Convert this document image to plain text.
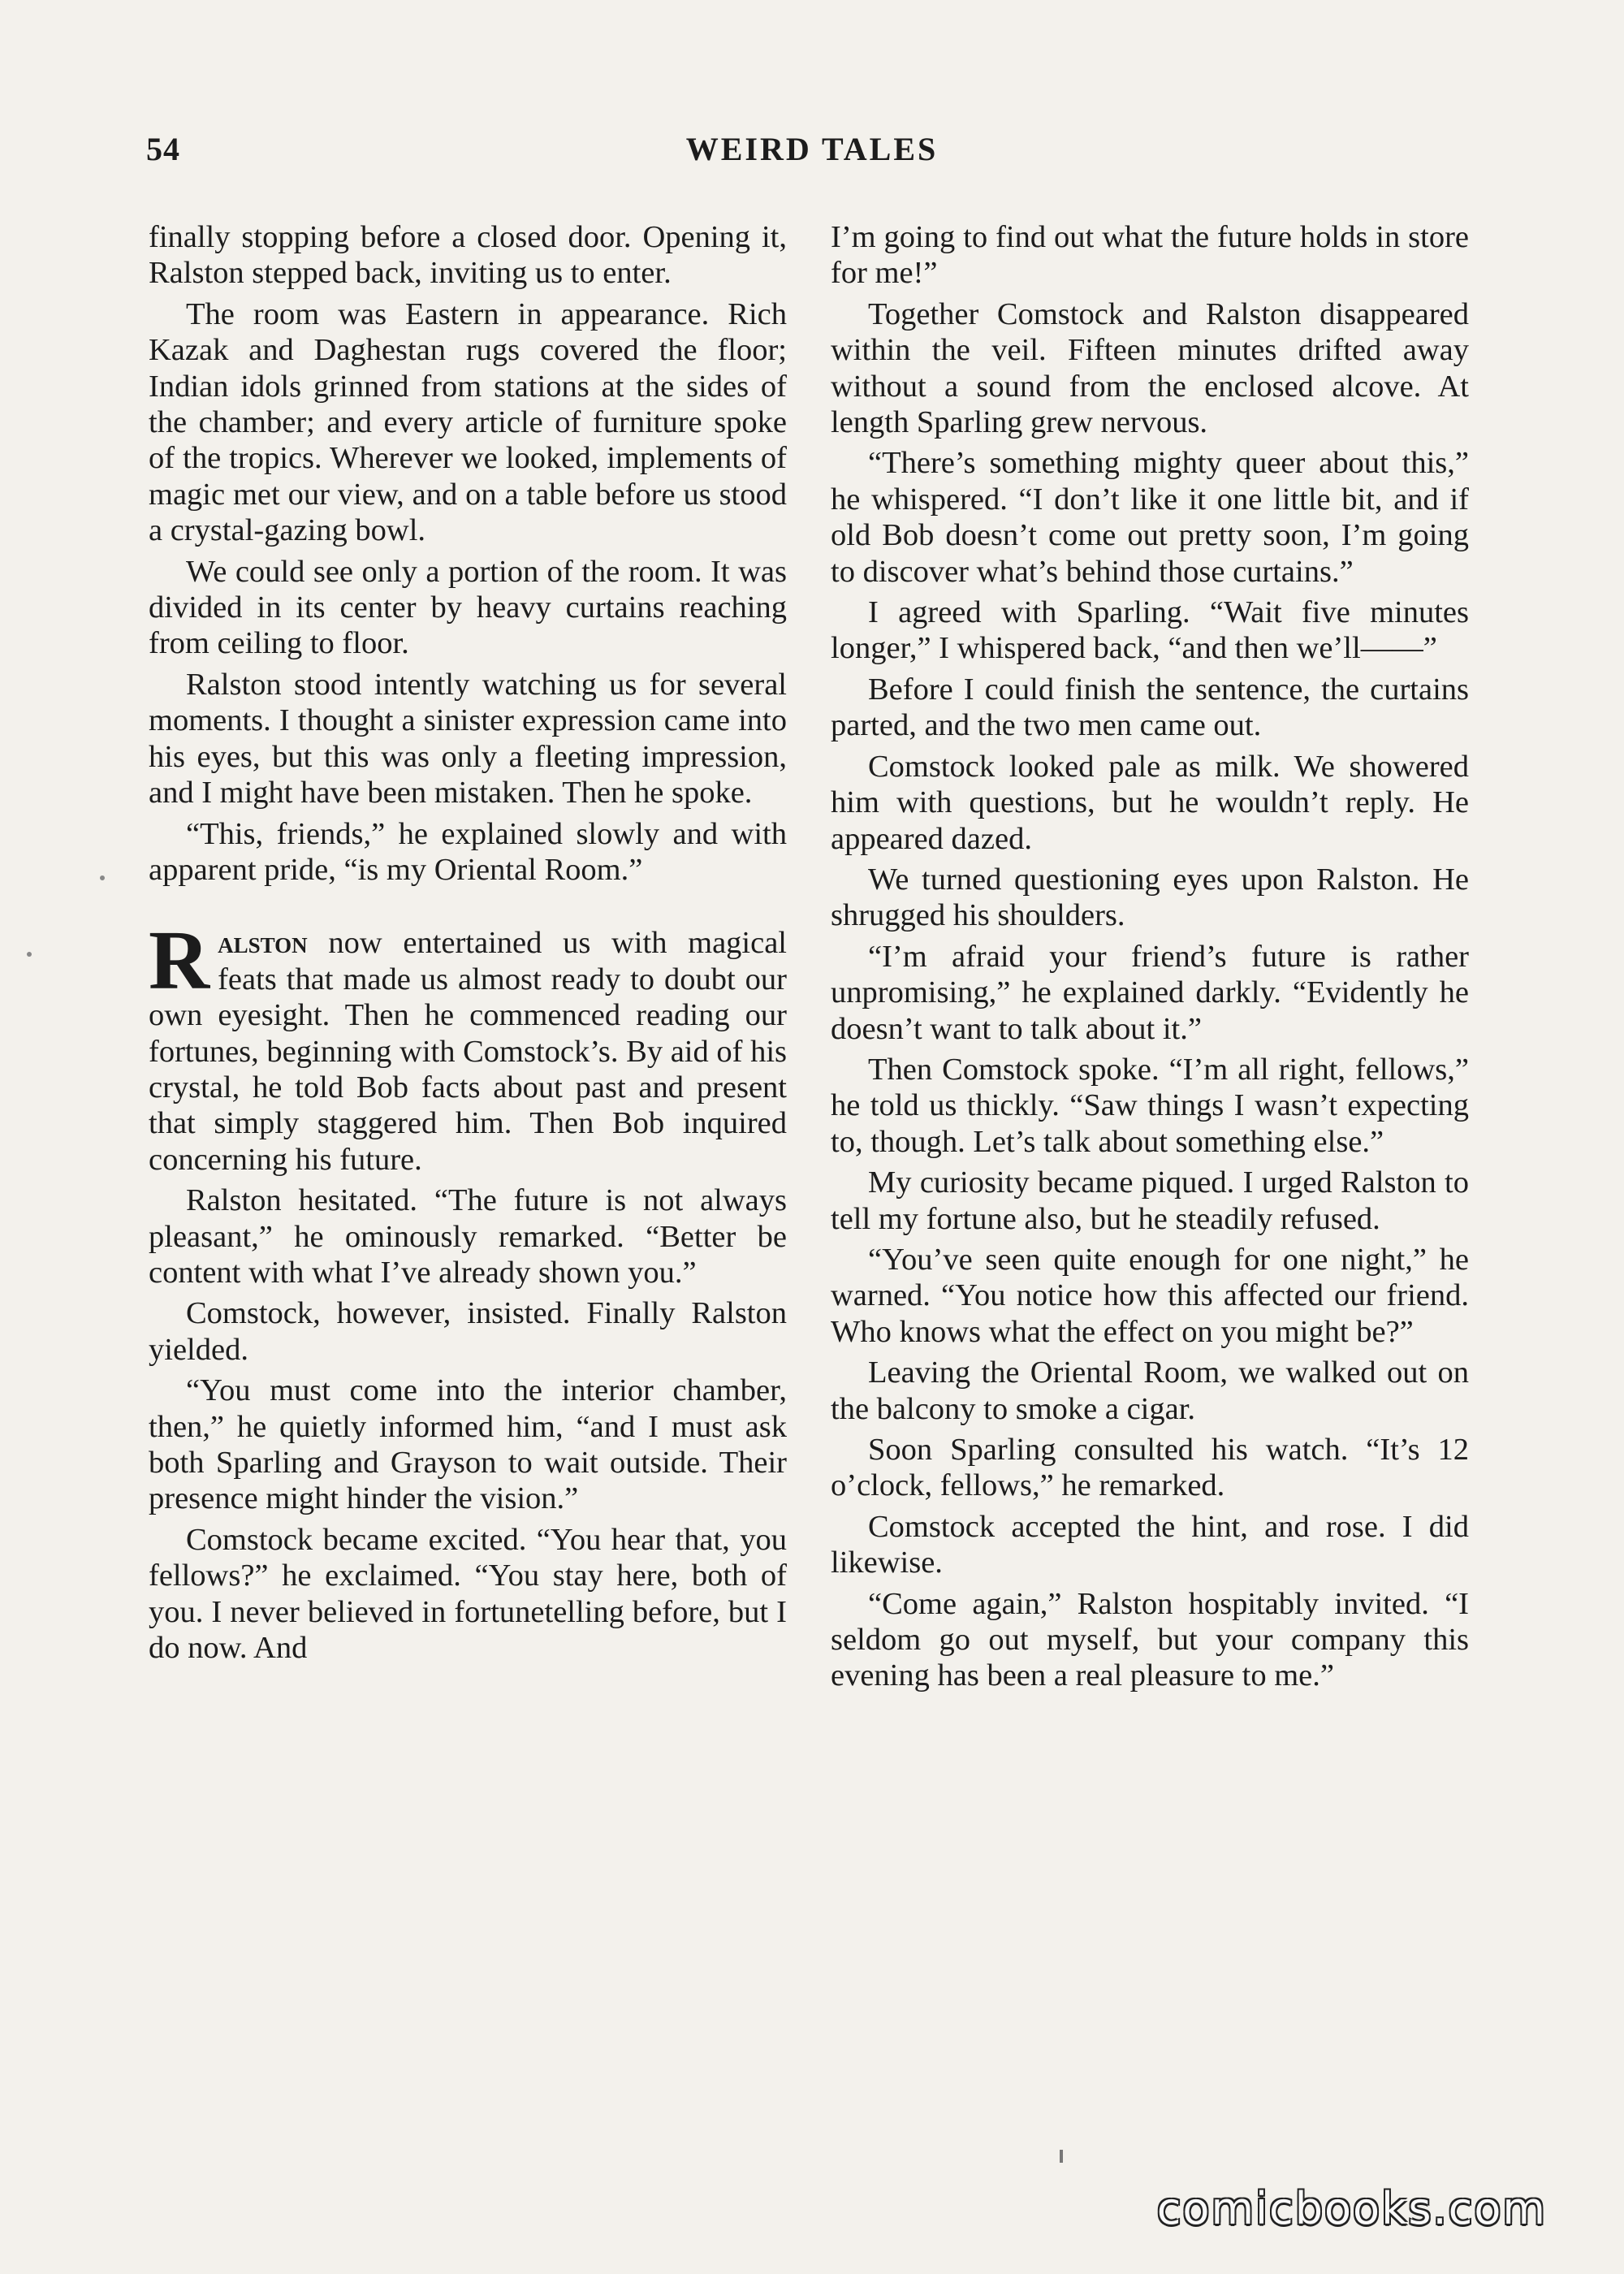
54	WEIRD TALES

finally stopping before a closed door. Opening it, Ralston stepped back, inviting us to enter.

The room was Eastern in appearance. Rich Kazak and Daghestan rugs covered the floor; Indian idols grinned from stations at the sides of the chamber; and every article of furniture spoke of the tropics. Wherever we looked, implements of magic met our view, and on a table before us stood a crystal-gazing bowl.

We could see only a portion of the room. It was divided in its center by heavy curtains reaching from ceiling to floor.

Ralston stood intently watching us for several moments. I thought a sinister expression came into his eyes, but this was only a fleeting impression, and I might have been mistaken. Then he spoke.

“This, friends,” he explained slowly and with apparent pride, “is my Oriental Room.”

Ralston now entertained us with magical feats that made us almost ready to doubt our own eyesight. Then he commenced reading our fortunes, beginning with Comstock’s. By aid of his crystal, he told Bob facts about past and present that simply staggered him. Then Bob inquired concerning his future.

Ralston hesitated. “The future is not always pleasant,” he ominously remarked. “Better be content with what I’ve already shown you.”

Comstock, however, insisted. Finally Ralston yielded.

“You must come into the interior chamber, then,” he quietly informed him, “and I must ask both Sparling and Grayson to wait outside. Their presence might hinder the vision.”

Comstock became excited. “You hear that, you fellows?” he exclaimed. “You stay here, both of you. I never believed in fortunetelling before, but I do now. And

I’m going to find out what the future holds in store for me!”

Together Comstock and Ralston disappeared within the veil. Fifteen minutes drifted away without a sound from the enclosed alcove. At length Sparling grew nervous.

“There’s something mighty queer about this,” he whispered. “I don’t like it one little bit, and if old Bob doesn’t come out pretty soon, I’m going to discover what’s behind those curtains.”

I agreed with Sparling. “Wait five minutes longer,” I whispered back, “and then we’ll——”

Before I could finish the sentence, the curtains parted, and the two men came out.

Comstock looked pale as milk. We showered him with questions, but he wouldn’t reply. He appeared dazed.

We turned questioning eyes upon Ralston. He shrugged his shoulders.

“I’m afraid your friend’s future is rather unpromising,” he explained darkly. “Evidently he doesn’t want to talk about it.”

Then Comstock spoke. “I’m all right, fellows,” he told us thickly. “Saw things I wasn’t expecting to, though. Let’s talk about something else.”

My curiosity became piqued. I urged Ralston to tell my fortune also, but he steadily refused.

“You’ve seen quite enough for one night,” he warned. “You notice how this affected our friend. Who knows what the effect on you might be?”

Leaving the Oriental Room, we walked out on the balcony to smoke a cigar.

Soon Sparling consulted his watch. “It’s 12 o’clock, fellows,” he remarked.

Comstock accepted the hint, and rose. I did likewise.

“Come again,” Ralston hospitably invited. “I seldom go out myself, but your company this evening has been a real pleasure to me.”

comicbooks.com
